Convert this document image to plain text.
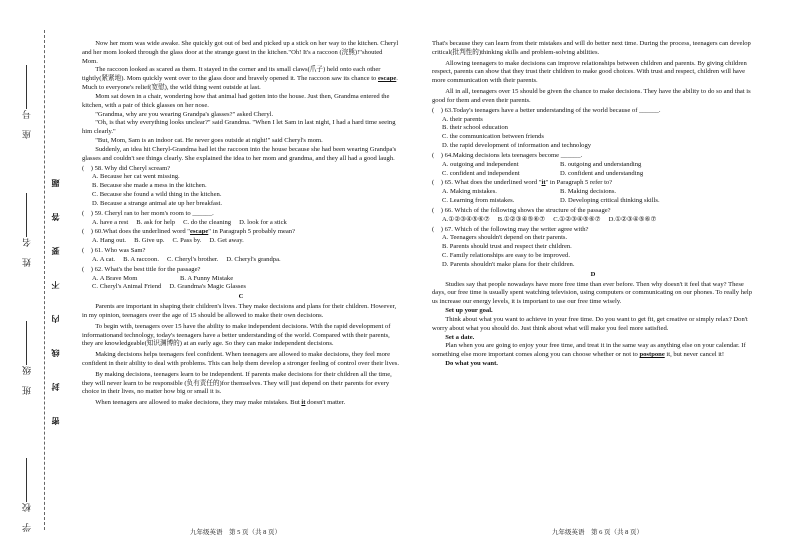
学　校
班　级
姓　名
座　号
密　封　线　内　不　要　答　题

Now her mom was wide awake. She quickly got out of bed and picked up a stick on her way to the kitchen. Cheryl and her mom looked through the glass door at the strange guest in the kitchen."Oh! It's a raccoon (浣熊)!"shouted Mom.

The raccoon looked as scared as them. It stayed in the corner and its small claws(爪子) held onto each other tightly(紧紧地). Mom quickly went over to the glass door and bravely opened it. The raccoon saw its chance to escape. Much to everyone's relief(宽慰), the wild thing went outside at last.

Mom sat down in a chair, wondering how that animal had gotten into the house. Just then, Grandma entered the kitchen, with a pair of thick glasses on her nose.

"Grandma, why are you wearing Grandpa's glasses?" asked Cheryl.

"Oh, is that why everything looks unclear?" said Grandma. "When I let Sam in last night, I had a hard time seeing him clearly."

"But, Mom, Sam is an indoor cat. He never goes outside at night!" said Cheryl's mom.

Suddenly, an idea hit Cheryl-Grandma had let the raccoon into the house because she had been wearing Grandpa's glasses and couldn't see things clearly. She explained the idea to her mom and grandma, and they all had a good laugh.

(　) 58. Why did Cheryl scream?

A. Because her cat went missing.

B. Because she made a mess in the kitchen.

C. Because she found a wild thing in the kitchen.

D. Because a strange animal ate up her breakfast.

(　) 59. Cheryl ran to her mom's room to ______.

A. have a rest B. ask for help C. do the cleaning D. look for a stick

(　) 60.What does the underlined word "escape" in Paragraph 5 probably mean?

A. Hang out. B. Give up. C. Pass by. D. Get away.

(　) 61. Who was Sam?

A. A cat. B. A raccoon. C. Cheryl's brother. D. Cheryl's grandpa.

(　) 62. What's the best title for the passage?

A. A Brave Mom	B. A Funny Mistake

C. Cheryl's Animal Friend D. Grandma's Magic Glasses

C

Parents are important in shaping their children's lives. They make decisions and plans for their children. However, in my opinion, teenagers over the age of 15 should be allowed to make their own decisions.

To begin with, teenagers over 15 have the ability to make independent decisions. With the rapid development of informationand technology, today's teenagers have a better understanding of the world. Compared with their parents, they are knowledgeable(知识渊博的) at an early age. So they can make independent decisions.

Making decisions helps teenagers feel confident. When teenagers are allowed to make decisions, they feel more confident in their ability to deal with problems. This can help them develop a stronger feeling of control over their lives.

By making decisions, teenagers learn to be independent. If parents make decisions for their children all the time, they will never learn to be responsible (负有责任的)for themselves. They will just depend on their parents for every choice in their lives, no matter how big or small it is.

When teenagers are allowed to make decisions, they may make mistakes. But it doesn't matter.

That's because they can learn from their mistakes and will do better next time. During the process, teenagers can develop critical(批判性的)thinking skills and problem-solving abilities.

Allowing teenagers to make decisions can improve relationships between children and parents. By giving children respect, parents can show that they trust their children to make good choices. With trust and respect, children will have more communication with their parents.

All in all, teenagers over 15 should be given the chance to make decisions. They have the ability to do so and that is good for them and even their parents.

(　) 63.Today's teenagers have a better understanding of the world because of ______.

A. their parents

B. their school education

C. the communication between friends

D. the rapid development of information and technology

(　) 64.Making decisions lets teenagers become ______.

A. outgoing and independent	B. outgoing and understanding

C. confident and independent	D. confident and understanding

(　) 65. What does the underlined word "it" in Paragraph 5 refer to?

A. Making mistakes.	B. Making decisions.

C. Learning from mistakes.	D. Developing critical thinking skills.

(　) 66. Which of the following shows the structure of the passage?

A.①②③④⑤⑥⑦ B.①②③④⑤⑥⑦ C.①②③④⑤⑥⑦ D.①②③④⑤⑥⑦

(　) 67. Which of the following may the writer agree with?

A. Teenagers shouldn't depend on their parents.

B. Parents should trust and respect their children.

C. Family relationships are easy to be improved.

D. Parents shouldn't make plans for their children.

D

Studies say that people nowadays have more free time than ever before. Then why doesn't it feel that way? These days, our free time is usually spent watching television, using computers or communicating on our phones. To really help us increase our energy levels, it is important to use our free time wisely.

Set up your goal.

Think about what you want to achieve in your free time. Do you want to get fit, get creative or simply relax? Don't worry about what you should do. Just think about what will make you feel more satisfied.

Set a date.

Plan when you are going to enjoy your free time, and treat it in the same way as anything else on your calendar. If something else more important comes along you can choose whether or not to postpone it, but never cancel it!

Do what you want.

九年级英语　第 5 页（共 8 页）	九年级英语　第 6 页（共 8 页）
